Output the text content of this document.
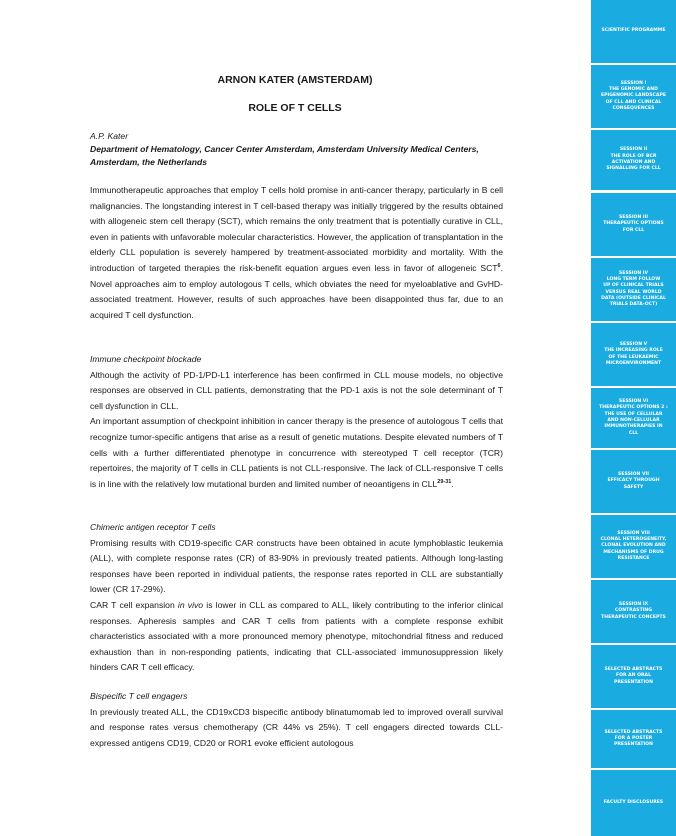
ARNON KATER (AMSTERDAM)
ROLE OF T CELLS
A.P. Kater
Department of Hematology, Cancer Center Amsterdam, Amsterdam University Medical Centers,
Amsterdam, the Netherlands

Immunotherapeutic approaches that employ T cells hold promise in anti-cancer therapy, particularly in B cell malignancies. The longstanding interest in T cell-based therapy was initially triggered by the results obtained with allogeneic stem cell therapy (SCT), which remains the only treatment that is potentially curative in CLL, even in patients with unfavorable molecular characteristics. However, the application of transplantation in the elderly CLL population is severely hampered by treatment-associated morbidity and mortality. With the introduction of targeted therapies the risk-benefit equation argues even less in favor of allogeneic SCT$^6$. Novel approaches aim to employ autologous T cells, which obviates the need for myeloablative and GvHD-associated treatment. However, results of such approaches have been disappointed thus far, due to an acquired T cell dysfunction.

Immune checkpoint blockade

Although the activity of PD-1/PD-L1 interference has been confirmed in CLL mouse models, no objective responses are observed in CLL patients, demonstrating that the PD-1 axis is not the sole determinant of T cell dysfunction in CLL.

An important assumption of checkpoint inhibition in cancer therapy is the presence of autologous T cells that recognize tumor-specific antigens that arise as a result of genetic mutations. Despite elevated numbers of T cells with a further differentiated phenotype in concurrence with stereotyped T cell receptor (TCR) repertoires, the majority of T cells in CLL patients is not CLL-responsive. The lack of CLL-responsive T cells is in line with the relatively low mutational burden and limited number of neoantigens in CLL$^{29-31}$.

Chimeric antigen receptor T cells

Promising results with CD19-specific CAR constructs have been obtained in acute lymphoblastic leukemia (ALL), with complete response rates (CR) of 83-90% in previously treated patients. Although long-lasting responses have been reported in individual patients, the response rates reported in CLL are substantially lower (CR 17-29%).

CAR T cell expansion in vivo is lower in CLL as compared to ALL, likely contributing to the inferior clinical responses. Apheresis samples and CAR T cells from patients with a complete response exhibit characteristics associated with a more pronounced memory phenotype, mitochondrial fitness and reduced exhaustion than in non-responding patients, indicating that CLL-associated immunosuppression likely hinders CAR T cell efficacy.

Bispecific T cell engagers

In previously treated ALL, the CD19xCD3 bispecific antibody blinatumomab led to improved overall survival and response rates versus chemotherapy (CR 44% vs 25%). T cell engagers directed towards CLL-expressed antigens CD19, CD20 or ROR1 evoke efficient autologous

SCIENTIFIC PROGRAMME
SESSION I
THE GENOMIC AND
EPIGENOMIC LANDSCAPE
OF CLL AND CLINICAL
CONSEQUENCES
SESSION II
THE ROLE OF BCR
ACTIVATION AND
SIGNALLING FOR CLL
SESSION III
THERAPEUTIC OPTIONS
FOR CLL
SESSION IV
LONG TERM FOLLOW
UP OF CLINICAL TRIALS
VERSUS REAL WORLD
DATA (OUTSIDE CLINICAL
TRIALS DATA-OCT)
SESSION V
THE INCREASING ROLE
OF THE LEUKAEMIC
MICROENVIRONMENT
SESSION VI
THERAPEUTIC OPTIONS 2 :
THE USE OF CELLULAR
AND NON-CELLULAR
IMMUNOTHERAPIES IN
CLL
SESSION VII
EFFICACY THROUGH
SAFETY
SESSION VIII
CLONAL HETEROGENEITY,
CLONAL EVOLUTION AND
MECHANISMS OF DRUG
RESISTANCE
SESSION IX
CONTRASTING
THERAPEUTIC CONCEPTS
SELECTED ABSTRACTS
FOR AN ORAL
PRESENTATION
SELECTED ABSTRACTS
FOR A POSTER
PRESENTATION
FACULTY DISCLOSURES
